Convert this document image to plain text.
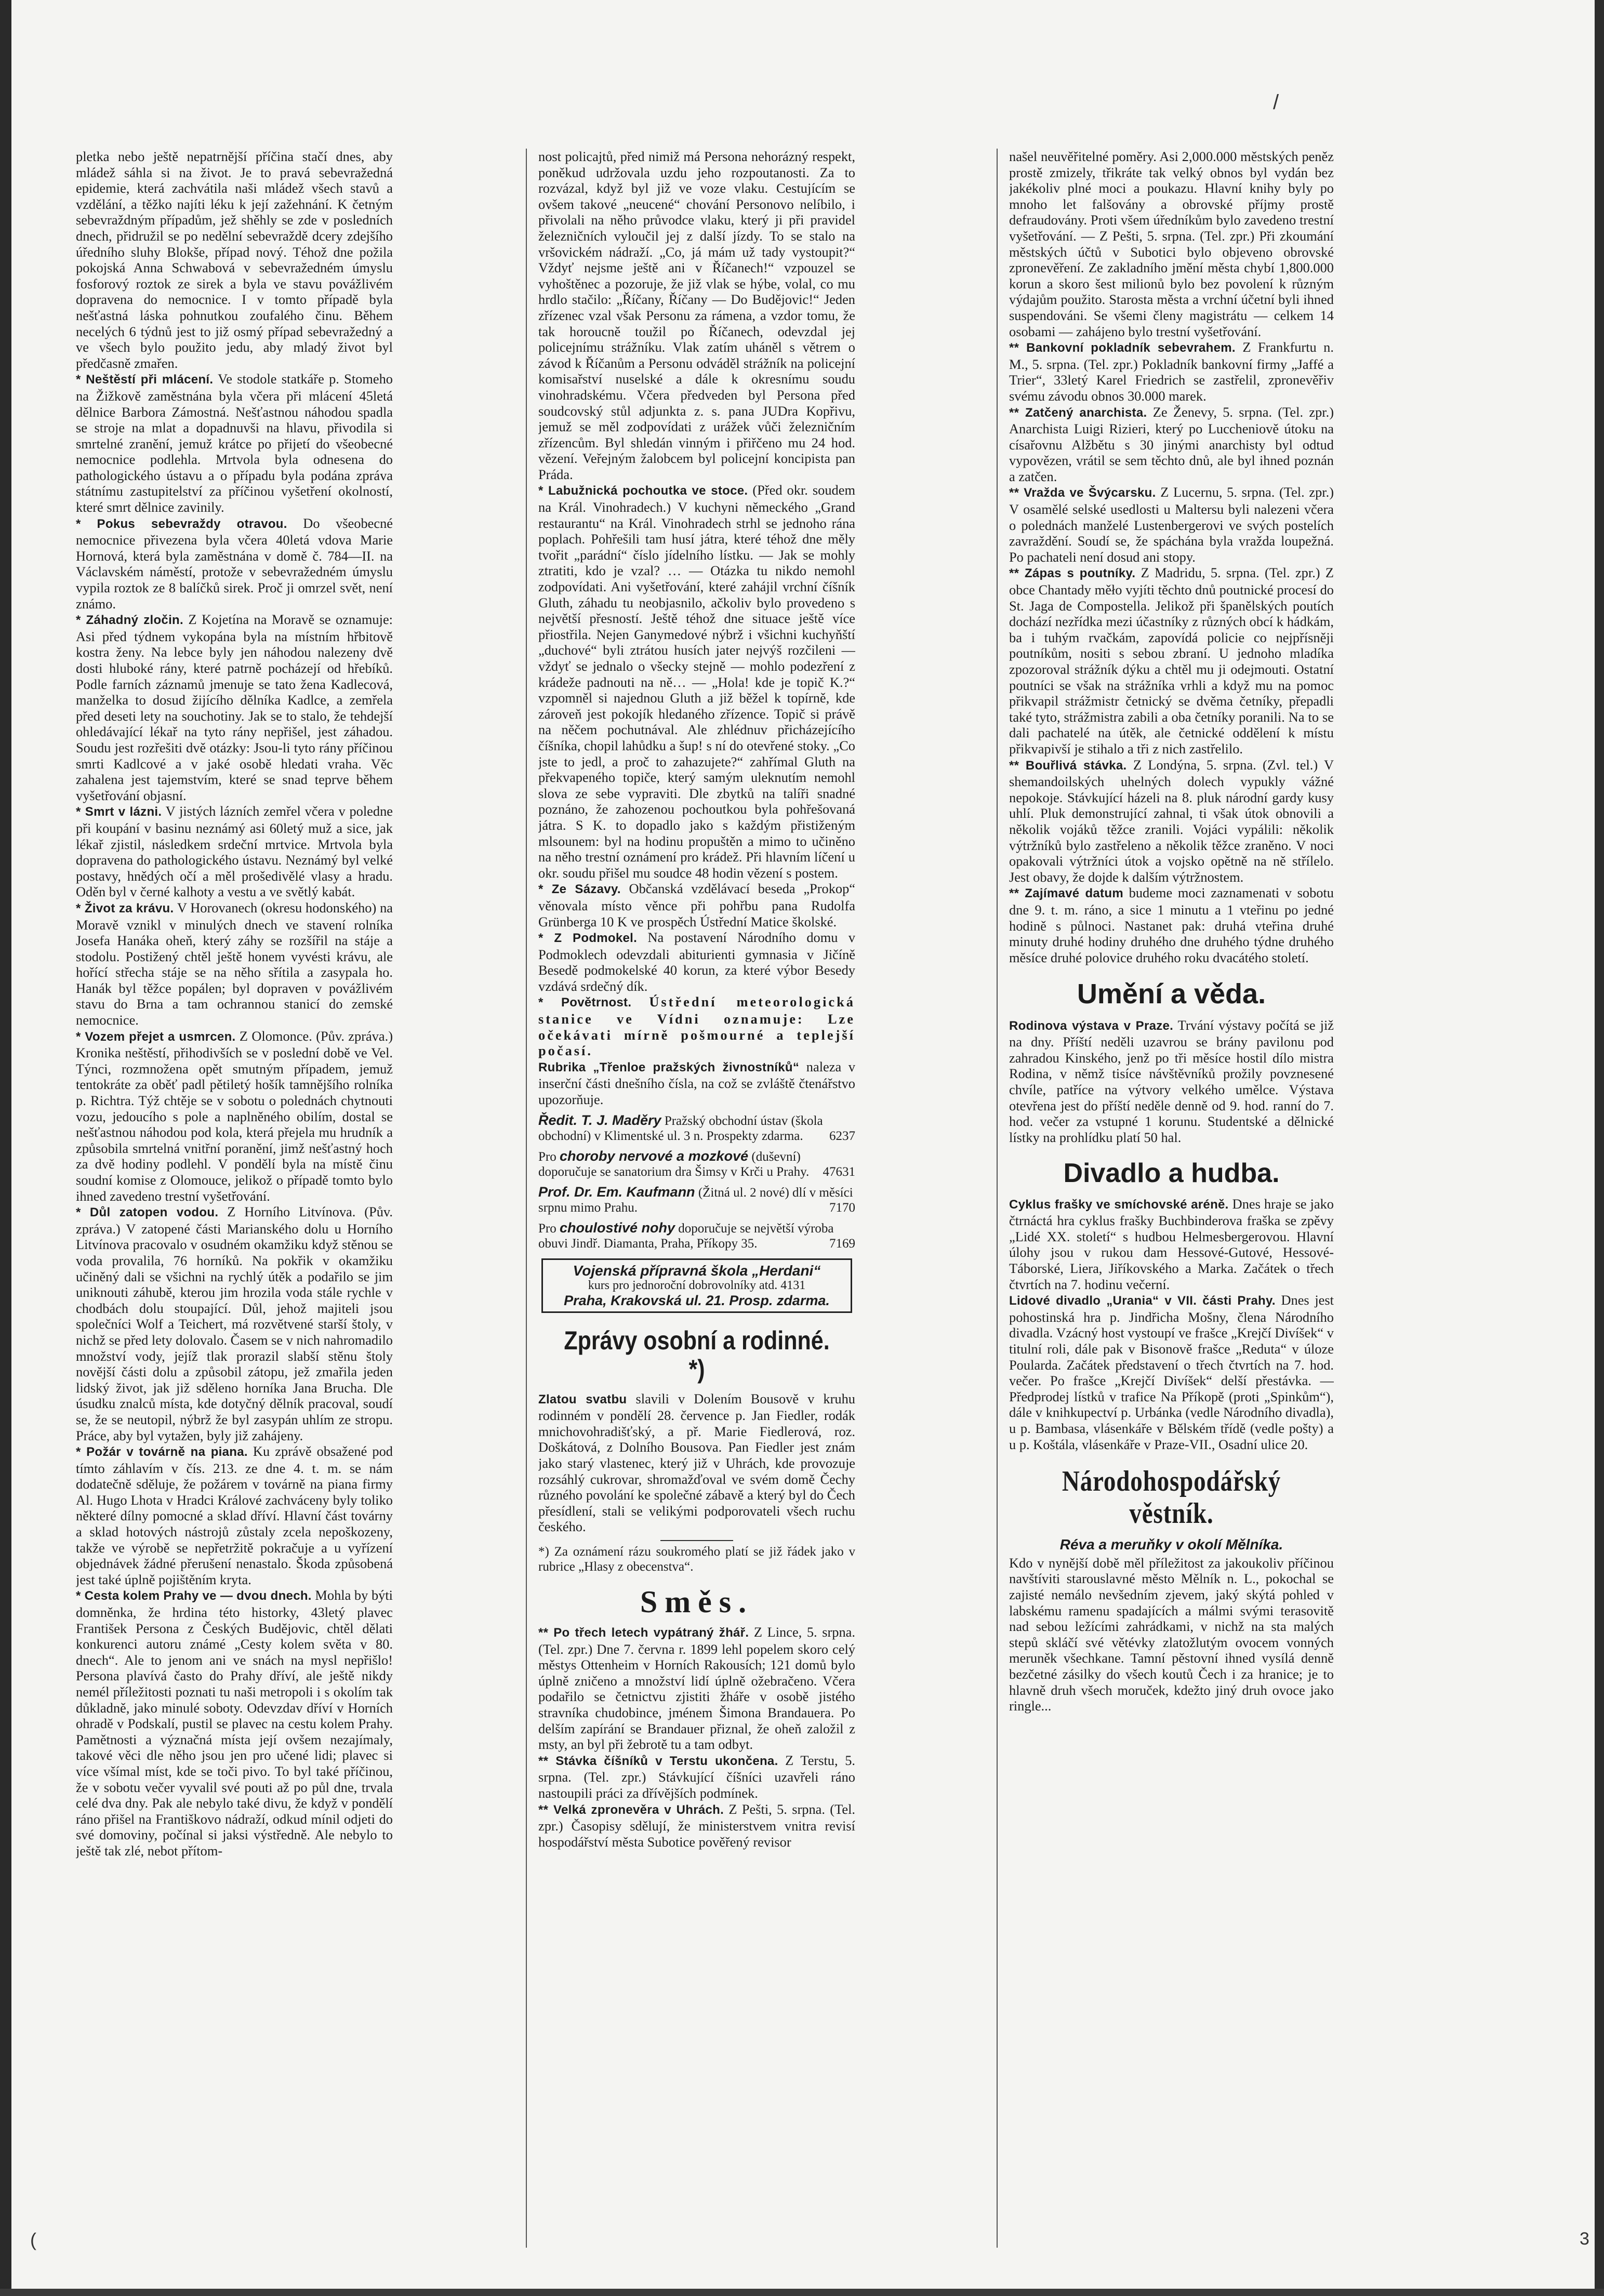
/
(	3

pletka nebo ještě nepatrnější příčina stačí dnes, aby mládež sáhla si na život. Je to pravá sebevražedná epidemie, která zachvátila naši mládež všech stavů a vzdělání, a těžko najíti léku k její zažehnání. K četným sebevraždným případům, jež shěhly se zde v posledních dnech, přidružil se po nedělní sebevraždě dcery zdejšího úředního sluhy Blokše, případ nový. Téhož dne požila pokojská Anna Schwabová v sebevražedném úmyslu fosforový roztok ze sirek a byla ve stavu povážlivém dopravena do nemocnice. I v tomto případě byla nešťastná láska pohnutkou zoufalého činu. Během necelých 6 týdnů jest to již osmý případ sebevražedný a ve všech bylo použito jedu, aby mladý život byl předčasně zmařen.

* Neštěstí při mlácení. Ve stodole statkáře p. Stomeho na Žižkově zaměstnána byla včera při mlácení 45letá dělnice Barbora Zámostná. Nešťastnou náhodou spadla se stroje na mlat a dopadnuvši na hlavu, přivodila si smrtelné zranění, jemuž krátce po přijetí do všeobecné nemocnice podlehla. Mrtvola byla odnesena do pathologického ústavu a o případu byla podána zpráva státnímu zastupitelství za příčinou vyšetření okolností, které smrt dělnice zavinily.

* Pokus sebevraždy otravou. Do všeobecné nemocnice přivezena byla včera 40letá vdova Marie Hornová, která byla zaměstnána v domě č. 784—II. na Václavském náměstí, protože v sebevražedném úmyslu vypila roztok ze 8 balíčků sirek. Proč ji omrzel svět, není známo.

* Záhadný zločin. Z Kojetína na Moravě se oznamuje: Asi před týdnem vykopána byla na místním hřbitově kostra ženy. Na lebce byly jen náhodou nalezeny dvě dosti hluboké rány, které patrně pocházejí od hřebíků. Podle farních záznamů jmenuje se tato žena Kadlecová, manželka to dosud žijícího dělníka Kadlce, a zemřela před deseti lety na souchotiny. Jak se to stalo, že tehdejší ohledávající lékař na tyto rány nepřišel, jest záhadou. Soudu jest rozřešiti dvě otázky: Jsou-li tyto rány příčinou smrti Kadlcové a v jaké osobě hledati vraha. Věc zahalena jest tajemstvím, které se snad teprve během vyšetřování objasní.

* Smrt v lázni. V jistých lázních zemřel včera v poledne při koupání v basinu neznámý asi 60letý muž a sice, jak lékař zjistil, následkem srdeční mrtvice. Mrtvola byla dopravena do pathologického ústavu. Neznámý byl velké postavy, hnědých očí a měl prošedivělé vlasy a hradu. Oděn byl v černé kalhoty a vestu a ve světlý kabát.

* Život za krávu. V Horovanech (okresu hodonského) na Moravě vznikl v minulých dnech ve stavení rolníka Josefa Hanáka oheň, který záhy se rozšířil na stáje a stodolu. Postižený chtěl ještě honem vyvésti krávu, ale hořící střecha stáje se na něho sřítila a zasypala ho. Hanák byl těžce popálen; byl dopraven v povážlivém stavu do Brna a tam ochrannou stanicí do zemské nemocnice.

* Vozem přejet a usmrcen. Z Olomonce. (Pův. zpráva.) Kronika neštěstí, přihodivších se v poslední době ve Vel. Týnci, rozmnožena opět smutným případem, jemuž tentokráte za oběť padl pětiletý hošík tamnějšího rolníka p. Richtra. Týž chtěje se v sobotu o polednách chytnouti vozu, jedoucího s pole a naplněného obilím, dostal se nešťastnou náhodou pod kola, která přejela mu hrudník a způsobila smrtelná vnitřní poranění, jimž nešťastný hoch za dvě hodiny podlehl. V pondělí byla na místě činu soudní komise z Olomouce, jelikož o případě tomto bylo ihned zavedeno trestní vyšetřování.

* Důl zatopen vodou. Z Horního Litvínova. (Pův. zpráva.) V zatopené části Marianského dolu u Horního Litvínova pracovalo v osudném okamžiku když stěnou se voda provalila, 76 horníků. Na pokřik v okamžiku učiněný dali se všichni na rychlý útěk a podařilo se jim uniknouti záhubě, kterou jim hrozila voda stále rychle v chodbách dolu stoupající. Důl, jehož majiteli jsou společníci Wolf a Teichert, má rozvětvené starší štoly, v nichž se před lety dolovalo. Časem se v nich nahromadilo množství vody, jejíž tlak prorazil slabší stěnu štoly novější části dolu a způsobil zátopu, jež zmařila jeden lidský život, jak již sděleno horníka Jana Brucha. Dle úsudku znalců místa, kde dotyčný dělník pracoval, soudí se, že se neutopil, nýbrž že byl zasypán uhlím ze stropu. Práce, aby byl vytažen, byly již zahájeny.

* Požár v továrně na piana. Ku zprávě obsažené pod tímto záhlavím v čís. 213. ze dne 4. t. m. se nám dodatečně sděluje, že požárem v továrně na piana firmy Al. Hugo Lhota v Hradci Králové zachváceny byly toliko některé dílny pomocné a sklad dříví. Hlavní část továrny a sklad hotových nástrojů zůstaly zcela nepoškozeny, takže ve výrobě se nepřetržitě pokračuje a u vyřízení objednávek žádné přerušení nenastalo. Škoda způsobená jest také úplně pojištěním kryta.

* Cesta kolem Prahy ve — dvou dnech. Mohla by býti domněnka, že hrdina této historky, 43letý plavec František Persona z Českých Budějovic, chtěl dělati konkurenci autoru známé „Cesty kolem světa v 80. dnech“. Ale to jenom ani ve snách na mysl nepřišlo! Persona plavívá často do Prahy dříví, ale ještě nikdy nemél příležitosti poznati tu naši metropoli i s okolím tak důkladně, jako minulé soboty. Odevzdav dříví v Horních ohradě v Podskalí, pustil se plavec na cestu kolem Prahy. Pamětnosti a význačná místa její ovšem nezajímaly, takové věci dle něho jsou jen pro učené lidi; plavec si více všímal míst, kde se toči pivo. To byl také příčinou, že v sobotu večer vyvalil své pouti až po půl dne, trvala celé dva dny. Pak ale nebylo také divu, že když v pondělí ráno přišel na Františkovo nádraží, odkud mínil odjeti do své domoviny, počínal si jaksi výstředně. Ale nebylo to ještě tak zlé, nebot přítom-

nost policajtů, před nimiž má Persona nehorázný respekt, poněkud udržovala uzdu jeho rozpoutanosti. Za to rozvázal, když byl již ve voze vlaku. Cestujícím se ovšem takové „neucené“ chování Personovo nelíbilo, i přivolali na něho průvodce vlaku, který ji při pravidel železničních vyloučil jej z další jízdy. To se stalo na vršovickém nádraží. „Co, já mám už tady vystoupit?“ Vždyť nejsme ještě ani v Říčanech!“ vzpouzel se vyhoštěnec a pozoruje, že již vlak se hýbe, volal, co mu hrdlo stačilo: „Říčany, Říčany — Do Budějovic!“ Jeden zřízenec vzal však Personu za rámena, a vzdor tomu, že tak horoucně toužil po Říčanech, odevzdal jej policejnímu strážníku. Vlak zatím uháněl s větrem o závod k Říčanům a Personu odváděl strážník na policejní komisařství nuselské a dále k okresnímu soudu vinohradskému. Včera předveden byl Persona před soudcovský stůl adjunkta z. s. pana JUDra Kopřivu, jemuž se měl zodpovídati z urážek vůči železničním zřízencům. Byl shledán vinným i přiřčeno mu 24 hod. vězení. Veřejným žalobcem byl policejní koncipista pan Práda.

* Labužnická pochoutka ve stoce. (Před okr. soudem na Král. Vinohradech.) V kuchyni německého „Grand restaurantu“ na Král. Vinohradech strhl se jednoho rána poplach. Pohřešili tam husí játra, které téhož dne měly tvořit „parádní“ číslo jídelního lístku. — Jak se mohly ztratiti, kdo je vzal? … — Otázka tu nikdo nemohl zodpovídati. Ani vyšetřování, které zahájil vrchní číšník Gluth, záhadu tu neobjasnilo, ačkoliv bylo provedeno s největší přesností. Ještě téhož dne situace ještě více přiostřila. Nejen Ganymedové nýbrž i všichni kuchyňští „duchové“ byli ztrátou husích jater nejvýš rozčileni — vždyť se jednalo o všecky stejně — mohlo podezření z krádeže padnouti na ně… — „Hola! kde je topič K.?“ vzpomněl si najednou Gluth a již běžel k topírně, kde zároveň jest pokojík hledaného zřízence. Topič si právě na něčem pochutnával. Ale zhlédnuv přicházejícího číšníka, chopil lahůdku a šup! s ní do otevřené stoky. „Co jste to jedl, a proč to zahazujete?“ zahřímal Gluth na překvapeného topiče, který samým uleknutím nemohl slova ze sebe vypraviti. Dle zbytků na talíři snadné poznáno, že zahozenou pochoutkou byla pohřešovaná játra. S K. to dopadlo jako s každým přistiženým mlsounem: byl na hodinu propuštěn a mimo to učiněno na něho trestní oznámení pro krádež. Při hlavním líčení u okr. soudu přišel mu soudce 48 hodin vězení s postem.

* Ze Sázavy. Občanská vzdělávací beseda „Prokop“ věnovala místo věnce při pohřbu pana Rudolfa Grünberga 10 K ve prospěch Ústřední Matice školské.

* Z Podmokel. Na postavení Národního domu v Podmoklech odevzdali abiturienti gymnasia v Jičíně Besedě podmokelské 40 korun, za které výbor Besedy vzdává srdečný dík.

* Povětrnost. Ústřední meteorologická stanice ve Vídni oznamuje: Lze očekávati mírně pošmourné a teplejší počasí.

Rubrika „Třenloe pražských živnostníků“ naleza v inserční části dnešního čísla, na což se zvláště čtenářstvo upozorňuje.

Ředit. T. J. Maděry Pražský obchodní ústav (škola obchodní) v Klimentské ul. 3 n. Prospekty zdarma. 6237
Pro choroby nervové a mozkové (duševní) doporučuje se sanatorium dra Šimsy v Krči u Prahy. 47631
Prof. Dr. Em. Kaufmann (Žitná ul. 2 nové) dlí v měsíci srpnu mimo Prahu.	7170
Pro choulostivé nohy doporučuje se největší výroba obuvi Jindř. Diamanta, Praha, Příkopy 35.	7169
Vojenská přípravná škola „Herdani“
kurs pro jednoroční dobrovolníky atd. 4131
Praha, Krakovská ul. 21. Prosp. zdarma.
Zprávy osobní a rodinné. *)

Zlatou svatbu slavili v Dolením Bousově v kruhu rodinném v pondělí 28. července p. Jan Fiedler, rodák mnichovohradišťský, a př. Marie Fiedlerová, roz. Doškátová, z Dolního Bousova. Pan Fiedler jest znám jako starý vlastenec, který již v Uhrách, kde provozuje rozsáhlý cukrovar, shromažďoval ve svém domě Čechy různého povolání ke společné zábavě a který byl do Čech přesídlení, stali se velikými podporovateli všech ruchu českého.

*) Za oznámení rázu soukromého platí se již řádek jako v rubrice „Hlasy z obecenstva“.

Směs.

** Po třech letech vypátraný žhář. Z Lince, 5. srpna. (Tel. zpr.) Dne 7. června r. 1899 lehl popelem skoro celý městys Ottenheim v Horních Rakousích; 121 domů bylo úplně zničeno a množství lidí úplně ožebračeno. Včera podařilo se četnictvu zjistiti žháře v osobě jistého stravníka chudobince, jménem Šimona Brandauera. Po delším zapírání se Brandauer přiznal, že oheň založil z msty, an byl při žebrotě tu a tam odbyt.

** Stávka číšníků v Terstu ukončena. Z Terstu, 5. srpna. (Tel. zpr.) Stávkující číšníci uzavřeli ráno nastoupili práci za dřívějších podmínek.

** Velká zpronevěra v Uhrách. Z Pešti, 5. srpna. (Tel. zpr.) Časopisy sdělují, že ministerstvem vnitra revisí hospodářství města Subotice pověřený revisor

našel neuvěřitelné poměry. Asi 2,000.000 městských peněz prostě zmizely, třikráte tak velký obnos byl vydán bez jakékoliv plné moci a poukazu. Hlavní knihy byly po mnoho let falšovány a obrovské příjmy prostě defraudovány. Proti všem úředníkům bylo zavedeno trestní vyšetřování. — Z Pešti, 5. srpna. (Tel. zpr.) Při zkoumání městských účtů v Subotici bylo objeveno obrovské zpronevěření. Ze zakladního jmění města chybí 1,800.000 korun a skoro šest milionů bylo bez povolení k různým výdajům použito. Starosta města a vrchní účetní byli ihned suspendováni. Se všemi členy magistrátu — celkem 14 osobami — zahájeno bylo trestní vyšetřování.

** Bankovní pokladník sebevrahem. Z Frankfurtu n. M., 5. srpna. (Tel. zpr.) Pokladník bankovní firmy „Jaffé a Trier“, 33letý Karel Friedrich se zastřelil, zpronevěřiv svému závodu obnos 30.000 marek.

** Zatčený anarchista. Ze Ženevy, 5. srpna. (Tel. zpr.) Anarchista Luigi Rizieri, který po Luccheniově útoku na císařovnu Alžbětu s 30 jinými anarchisty byl odtud vypovězen, vrátil se sem těchto dnů, ale byl ihned poznán a zatčen.

** Vražda ve Švýcarsku. Z Lucernu, 5. srpna. (Tel. zpr.) V osamělé selské usedlosti u Maltersu byli nalezeni včera o polednách manželé Lustenbergerovi ve svých postelích zavraždění. Soudí se, že spáchána byla vražda loupežná. Po pachateli není dosud ani stopy.

** Zápas s poutníky. Z Madridu, 5. srpna. (Tel. zpr.) Z obce Chantady měło vyjíti těchto dnů poutnické procesí do St. Jaga de Compostella. Jelikož při španělských poutích dochází nezřídka mezi účastníky z různých obcí k hádkám, ba i tuhým rvačkám, zapovídá policie co nejpřísněji poutníkům, nositi s sebou zbraní. U jednoho mladíka zpozoroval strážník dýku a chtěl mu ji odejmouti. Ostatní poutníci se však na strážníka vrhli a když mu na pomoc přikvapil strážmistr četnický se dvěma četníky, přepadli také tyto, strážmistra zabili a oba četníky poranili. Na to se dali pachatelé na útěk, ale četnické oddělení k místu přikvapivší je stihalo a tři z nich zastřelilo.

** Bouřlivá stávka. Z Londýna, 5. srpna. (Zvl. tel.) V shemandoilských uhelných dolech vypukly vážné nepokoje. Stávkující házeli na 8. pluk národní gardy kusy uhlí. Pluk demonstrující zahnal, ti však útok obnovili a několik vojáků těžce zranili. Vojáci vypálili: několik výtržníků bylo zastřeleno a několik těžce zraněno. V noci opakovali výtržníci útok a vojsko opětně na ně střílelo. Jest obavy, že dojde k dalším výtržnostem.

** Zajímavé datum budeme moci zaznamenati v sobotu dne 9. t. m. ráno, a sice 1 minutu a 1 vteřinu po jedné hodině s půlnoci. Nastanet pak: druhá vteřina druhé minuty druhé hodiny druhého dne druhého týdne druhého měsíce druhé polovice druhého roku dvacátého století.

Umění a věda.

Rodinova výstava v Praze. Trvání výstavy počítá se již na dny. Příští neděli uzavrou se brány pavilonu pod zahradou Kinského, jenž po tři měsíce hostil dílo mistra Rodina, v němž tisíce návštěvníků prožily povznesené chvíle, patříce na výtvory velkého umělce. Výstava otevřena jest do příští neděle denně od 9. hod. ranní do 7. hod. večer za vstupné 1 korunu. Studentské a dělnické lístky na prohlídku platí 50 hal.

Divadlo a hudba.

Cyklus frašky ve smíchovské aréně. Dnes hraje se jako čtrnáctá hra cyklus frašky Buchbinderova fraška se zpěvy „Lidé XX. století“ s hudbou Helmesbergerovou. Hlavní úlohy jsou v rukou dam Hessové-Gutové, Hessové-Táborské, Liera, Jiříkovského a Marka. Začátek o třech čtvrtích na 7. hodinu večerní.

Lidové divadlo „Urania“ v VII. části Prahy. Dnes jest pohostinská hra p. Jindřicha Mošny, člena Národního divadla. Vzácný host vystoupí ve frašce „Krejčí Divíšek“ v titulní roli, dále pak v Bisonově frašce „Reduta“ v úloze Poularda. Začátek představení o třech čtvrtích na 7. hod. večer. Po frašce „Krejčí Divíšek“ delší přestávka. — Předprodej lístků v trafice Na Příkopě (proti „Spinkům“), dále v knihkupectví p. Urbánka (vedle Národního divadla), u p. Bambasa, vlásenkáře v Bělském třídě (vedle pošty) a u p. Koštála, vlásenkáře v Praze-VII., Osadní ulice 20.

Národohospodářský věstník.
Réva a meruňky v okolí Mělníka.

Kdo v nynější době měl příležitost za jakoukoliv příčinou navštíviti starouslavné město Mělník n. L., pokochal se zajisté nemálo nevšedním zjevem, jaký skýtá pohled v labskému ramenu spadajících a málmi svými terasovitě nad sebou ležícími zahrádkami, v nichž na sta malých stepů skláčí své větévky zlatožlutým ovocem vonných meruněk všechkane. Tamní pěstovní ihned vysílá denně bezčetné zásilky do všech koutů Čech i za hranice; je to hlavně druh všech moruček, kdežto jiný druh ovoce jako ringle...
